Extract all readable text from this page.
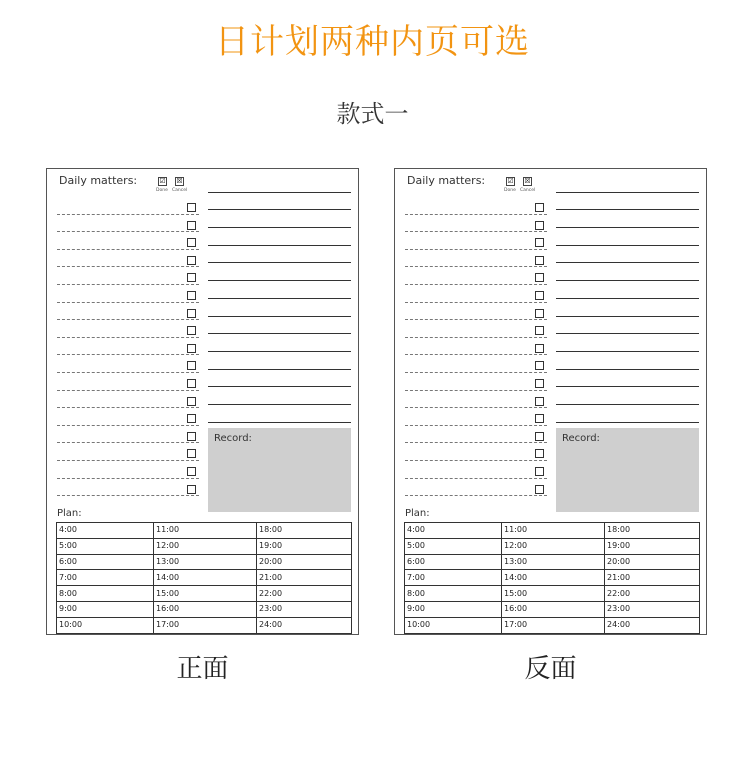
日计划两种内页可选
款式一
Daily matters:	☑ ☒
Done Cancel
Record:
Plan:
4:00	11:00	18:00
5:00	12:00	19:00
6:00	13:00	20:00
7:00	14:00	21:00
8:00	15:00	22:00
9:00	16:00	23:00
10:00	17:00	24:00
正面
Daily matters:	☑ ☒
Done Cancel
Record:
Plan:
4:00	11:00	18:00
5:00	12:00	19:00
6:00	13:00	20:00
7:00	14:00	21:00
8:00	15:00	22:00
9:00	16:00	23:00
10:00	17:00	24:00
反面
